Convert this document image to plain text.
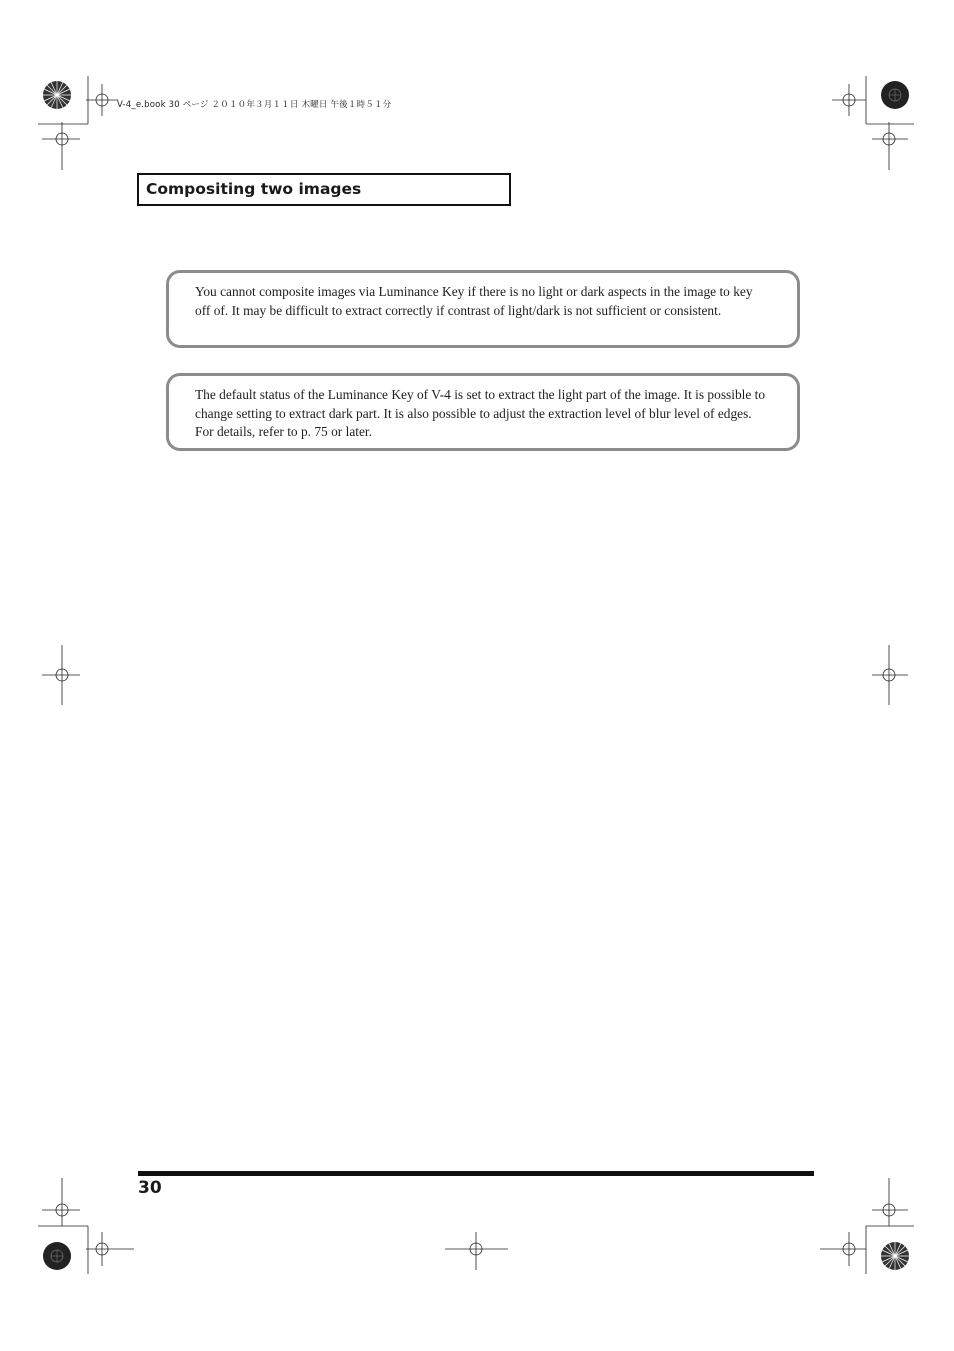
V-4_e.book 30 ページ ２０１０年３月１１日 木曜日 午後１時５１分
Compositing two images
You cannot composite images via Luminance Key if there is no light or dark aspects in the image to key off of. It may be difficult to extract correctly if contrast of light/dark is not sufficient or consistent.
The default status of the Luminance Key of V-4 is set to extract the light part of the image. It is possible to change setting to extract dark part. It is also possible to adjust the extraction level of blur level of edges. For details, refer to p. 75 or later.
30
